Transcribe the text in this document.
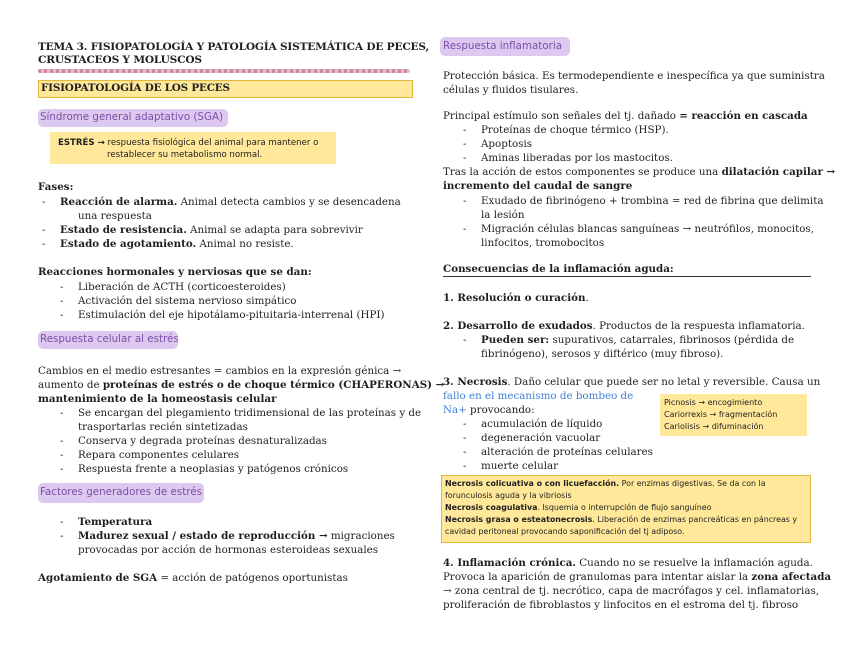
TEMA 3. FISIOPATOLOGÍA Y PATOLOGÍA SISTEMÁTICA DE PECES,
CRUSTACEOS Y MOLUSCOS
FISIOPATOLOGÍA DE LOS PECES
Síndrome general adaptativo (SGA)
ESTRÉS → respuesta fisiológica del animal para mantener o
restablecer su metabolismo normal.
Fases:
- Reacción de alarma. Animal detecta cambios y se desencadena
una respuesta
- Estado de resistencia. Animal se adapta para sobrevivir
- Estado de agotamiento. Animal no resiste.
Reacciones hormonales y nerviosas que se dan:
- Liberación de ACTH (corticoesteroides)
- Activación del sistema nervioso simpático
- Estimulación del eje hipotálamo-pituitaria-interrenal (HPI)
Respuesta celular al estrés
Cambios en el medio estresantes = cambios en la expresión génica →
aumento de proteínas de estrés o de choque térmico (CHAPERONAS) →
mantenimiento de la homeostasis celular
- Se encargan del plegamiento tridimensional de las proteínas y de
trasportarlas recién sintetizadas
- Conserva y degrada proteínas desnaturalizadas
- Repara componentes celulares
- Respuesta frente a neoplasias y patógenos crónicos
Factores generadores de estrés
- Temperatura
- Madurez sexual / estado de reproducción → migraciones
provocadas por acción de hormonas esteroideas sexuales
Agotamiento de SGA = acción de patógenos oportunistas
Respuesta inflamatoria
Protección básica. Es termodependiente e inespecífica ya que suministra
células y fluidos tisulares.
Principal estímulo son señales del tj. dañado = reacción en cascada
- Proteínas de choque térmico (HSP).
- Apoptosis
- Aminas liberadas por los mastocitos.
Tras la acción de estos componentes se produce una dilatación capilar →
incremento del caudal de sangre
- Exudado de fibrinógeno + trombina = red de fibrina que delimita
la lesión
- Migración células blancas sanguíneas → neutrófilos, monocitos,
linfocitos, tromobocitos
Consecuencias de la inflamación aguda:
1. Resolución o curación.
2. Desarrollo de exudados. Productos de la respuesta inflamatoria.
- Pueden ser: supurativos, catarrales, fibrinosos (pérdida de
fibrinógeno), serosos y diftérico (muy fibroso).
3. Necrosis. Daño celular que puede ser no letal y reversible. Causa un
fallo en el mecanismo de bombeo de
Na+ provocando:
- acumulación de líquido
- degeneración vacuolar
- alteración de proteínas celulares
- muerte celular
Picnosis → encogimiento
Cariorrexis → fragmentación
Cariolisis → difuminación
Necrosis colicuativa o con licuefacción. Por enzimas digestivas. Se da con la
forunculosis aguda y la vibriosis
Necrosis coagulativa. Isquemia o interrupción de flujo sanguíneo
Necrosis grasa o esteatonecrosis. Liberación de enzimas pancreáticas en páncreas y
cavidad peritoneal provocando saponificación del tj adiposo.
4. Inflamación crónica. Cuando no se resuelve la inflamación aguda.
Provoca la aparición de granulomas para intentar aislar la zona afectada
→ zona central de tj. necrótico, capa de macrófagos y cel. inflamatorias,
proliferación de fibroblastos y linfocitos en el estroma del tj. fibroso
